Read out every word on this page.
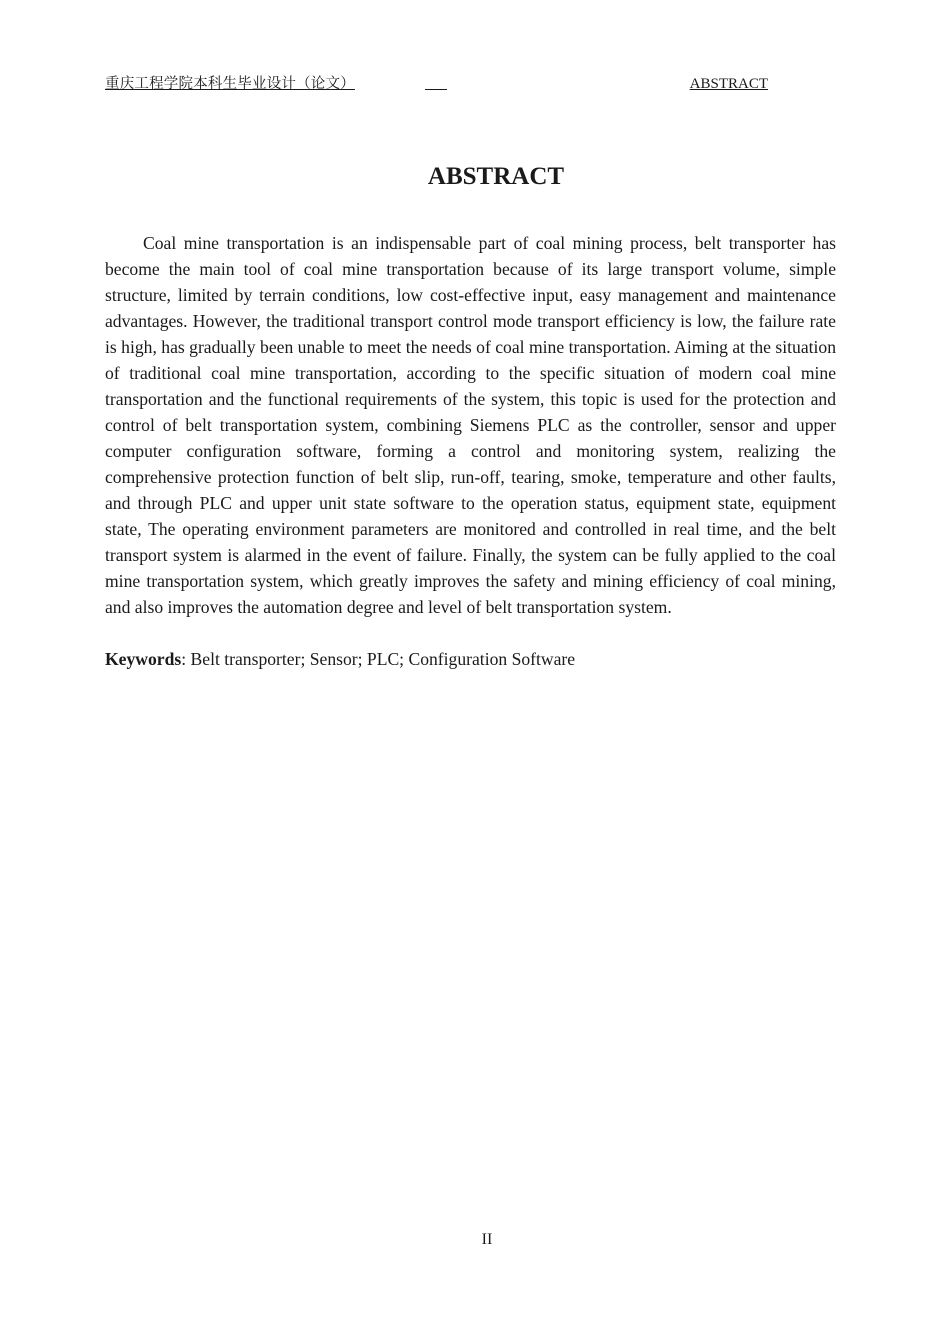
重庆工程学院本科生毕业设计（论文）	ABSTRACT
ABSTRACT

Coal mine transportation is an indispensable part of coal mining process, belt transporter has become the main tool of coal mine transportation because of its large transport volume, simple structure, limited by terrain conditions, low cost-effective input, easy management and maintenance advantages. However, the traditional transport control mode transport efficiency is low, the failure rate is high, has gradually been unable to meet the needs of coal mine transportation. Aiming at the situation of traditional coal mine transportation, according to the specific situation of modern coal mine transportation and the functional requirements of the system, this topic is used for the protection and control of belt transportation system, combining Siemens PLC as the controller, sensor and upper computer configuration software, forming a control and monitoring system, realizing the comprehensive protection function of belt slip, run-off, tearing, smoke, temperature and other faults, and through PLC and upper unit state software to the operation status, equipment state, equipment state, The operating environment parameters are monitored and controlled in real time, and the belt transport system is alarmed in the event of failure. Finally, the system can be fully applied to the coal mine transportation system, which greatly improves the safety and mining efficiency of coal mining, and also improves the automation degree and level of belt transportation system.

Keywords: Belt transporter; Sensor; PLC; Configuration Software

II
